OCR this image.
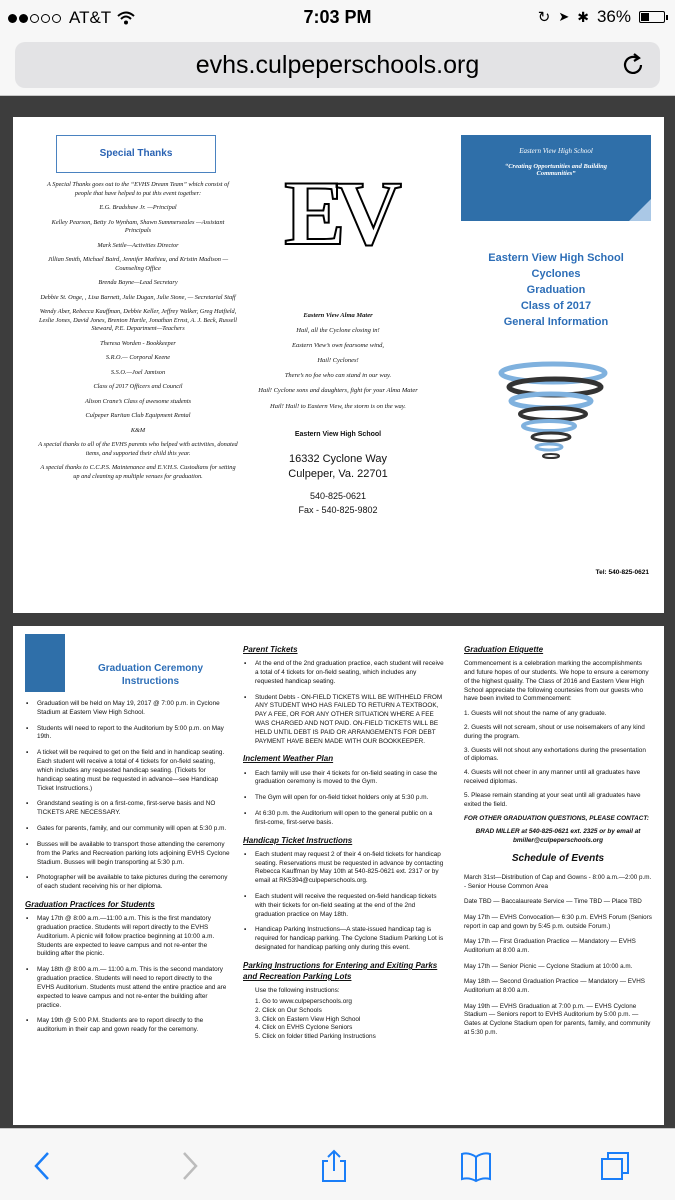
AT&T	7:03 PM	↻ ➤ ✱ 36%
evhs.culpeperschools.org
Special Thanks

A Special Thanks goes out to the “EVHS Dream Team” which consist of people that have helped to put this event together:

E.G. Bradshaw Jr. —Principal

Kelley Pearson, Betty Jo Wynham, Shawn Summerseales —Assistant Principals

Mark Settle—Activities Director

Jillian Smith, Michael Baird, Jennifer Mathieu, and Kristin Madison —Counseling Office

Brenda Bayne—Lead Secretary

Debbie St. Onge, , Lisa Barnett, Julie Dugan, Julie Stone, — Secretarial Staff

Wendy Aber, Rebecca Kauffman, Debbie Keller, Jeffrey Walker, Greg Hatfield, Leslie Jones, David Jones, Brenton Hartle, Jonathan Ernst, A. J. Beck, Russell Steward, P.E. Department—Teachers

Theresa Worden - Bookkeeper

S.R.O.— Corporal Keene

S.S.O.—Joel Jamison

Class of 2017 Officers and Council

Alison Crane’s Class of awesome students

Culpeper Ruritan Club Equipment Rental

K&M

A special thanks to all of the EVHS parents who helped with activities, donated items, and supported their child this year.

A special thanks to C.C.P.S. Maintenance and E.V.H.S. Custodians for setting up and cleaning up multiple venues for graduation.

EV

Eastern View Alma Mater

Hail, all the Cyclone closing in!

Eastern View’s own fearsome wind,

Hail! Cyclones!

There’s no foe who can stand in our way.

Hail! Cyclone sons and daughters, fight for your Alma Mater

Hail! Hail! to Eastern View, the storm is on the way.

Eastern View High School
16332 Cyclone Way
Culpeper, Va. 22701
540-825-0621
Fax - 540-825-9802
Eastern View High School
“Creating Opportunities and Building Communities”
Eastern View High School
Cyclones
Graduation
Class of 2017
General Information
Tel: 540-825-0621
Graduation Ceremony Instructions
▪ Graduation will be held on May 19, 2017 @ 7:00 p.m. in Cyclone Stadium at Eastern View High School.
▪ Students will need to report to the Auditorium by 5:00 p.m. on May 19th.
▪ A ticket will be required to get on the field and in handicap seating. Each student will receive a total of 4 tickets for on-field seating, which includes any requested handicap seating. (Tickets for handicap seating must be requested in advance—see Handicap Ticket Instructions.)
▪ Grandstand seating is on a first-come, first-serve basis and NO TICKETS ARE NECESSARY.
▪ Gates for parents, family, and our community will open at 5:30 p.m.
▪ Busses will be available to transport those attending the ceremony from the Parks and Recreation parking lots adjoining EVHS Cyclone Stadium. Busses will begin transporting at 5:30 p.m.
▪ Photographer will be available to take pictures during the ceremony of each student receiving his or her diploma.
Graduation Practices for Students
▪ May 17th @ 8:00 a.m.—11:00 a.m. This is the first mandatory graduation practice. Students will report directly to the EVHS Auditorium. A picnic will follow practice beginning at 10:00 a.m. Students are expected to leave campus and not re-enter the building after the picnic.
▪ May 18th @ 8:00 a.m.— 11:00 a.m. This is the second mandatory graduation practice. Students will need to report directly to the EVHS Auditorium. Students must attend the entire practice and are expected to leave campus and not re-enter the building after practice.
▪ May 19th @ 5:00 P.M. Students are to report directly to the auditorium in their cap and gown ready for the ceremony.
Parent Tickets
▪ At the end of the 2nd graduation practice, each student will receive a total of 4 tickets for on-field seating, which includes any requested handicap seating.
▪ Student Debts - ON-FIELD TICKETS WILL BE WITHHELD FROM ANY STUDENT WHO HAS FAILED TO RETURN A TEXTBOOK, PAY A FEE, OR FOR ANY OTHER SITUATION WHERE A FEE WAS CHARGED AND NOT PAID. ON-FIELD TICKETS WILL BE HELD UNTIL DEBT IS PAID OR ARRANGEMENTS FOR DEBT PAYMENT HAVE BEEN MADE WITH OUR BOOKKEEPER.
Inclement Weather Plan
▪ Each family will use their 4 tickets for on-field seating in case the graduation ceremony is moved to the Gym.
▪ The Gym will open for on-field ticket holders only at 5:30 p.m.
▪ At 6:30 p.m. the Auditorium will open to the general public on a first-come, first-serve basis.
Handicap Ticket Instructions
▪ Each student may request 2 of their 4 on-field tickets for handicap seating. Reservations must be requested in advance by contacting Rebecca Kauffman by May 10th at 540-825-0621 ext. 2317 or by email at RK5394@culpeperschools.org.
▪ Each student will receive the requested on-field handicap tickets with their tickets for on-field seating at the end of the 2nd graduation practice on May 18th.
▪ Handicap Parking Instructions—A state-issued handicap tag is required for handicap parking. The Cyclone Stadium Parking Lot is designated for handicap parking only during this event.
Parking Instructions for Entering and Exiting Parks and Recreation Parking Lots

Use the following instructions:

1. Go to www.culpeperschools.org
2. Click on Our Schools
3. Click on Eastern View High School
4. Click on EVHS Cyclone Seniors
5. Click on folder titled Parking Instructions
Graduation Etiquette

Commencement is a celebration marking the accomplishments and future hopes of our students. We hope to ensure a ceremony of the highest quality. The Class of 2016 and Eastern View High School appreciate the following courtesies from our guests who have been invited to Commencement:

1. Guests will not shout the name of any graduate.

2. Guests will not scream, shout or use noisemakers of any kind during the program.

3. Guests will not shout any exhortations during the presentation of diplomas.

4. Guests will not cheer in any manner until all graduates have received diplomas.

5. Please remain standing at your seat until all graduates have exited the field.

FOR OTHER GRADUATION QUESTIONS, PLEASE CONTACT:

BRAD MILLER at 540-825-0621 ext. 2325 or by email at bmiller@culpeperschools.org

Schedule of Events

March 31st—Distribution of Cap and Gowns - 8:00 a.m.—2:00 p.m. - Senior House Common Area

Date TBD — Baccalaureate Service — Time TBD — Place TBD

May 17th — EVHS Convocation— 6:30 p.m. EVHS Forum (Seniors report in cap and gown by 5:45 p.m. outside Forum.)

May 17th — First Graduation Practice — Mandatory — EVHS Auditorium at 8:00 a.m.

May 17th — Senior Picnic — Cyclone Stadium at 10:00 a.m.

May 18th — Second Graduation Practice — Mandatory — EVHS Auditorium at 8:00 a.m.

May 19th — EVHS Graduation at 7:00 p.m. — EVHS Cyclone Stadium — Seniors report to EVHS Auditorium by 5:00 p.m. — Gates at Cyclone Stadium open for parents, family, and community at 5:30 p.m.
